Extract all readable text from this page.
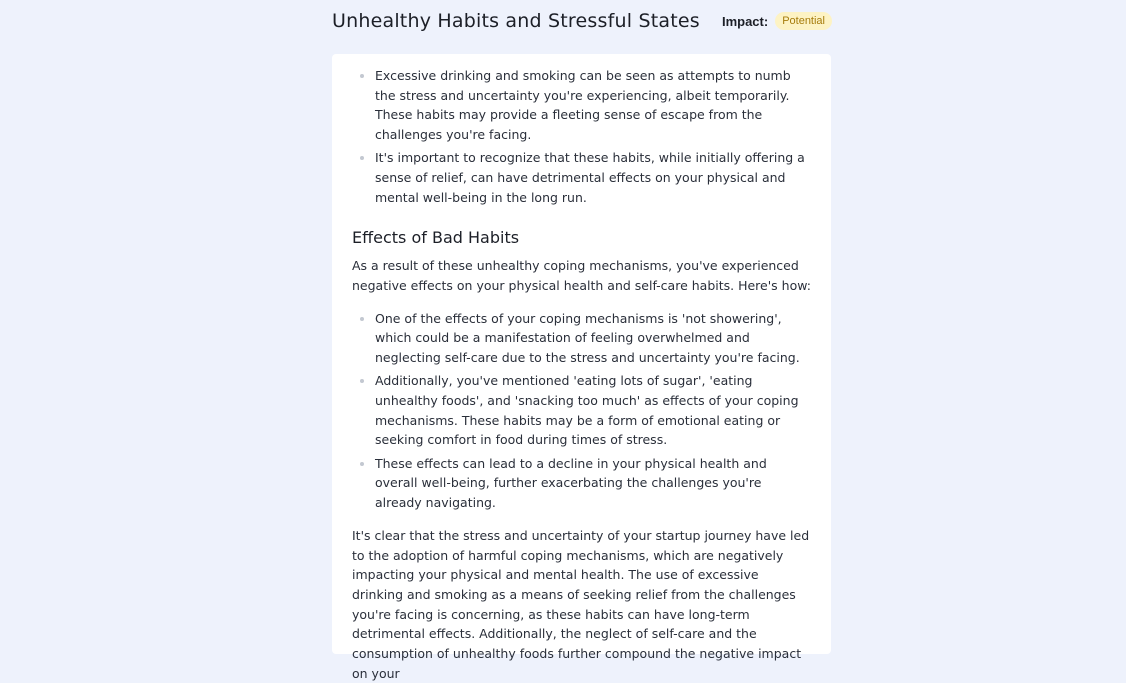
Unhealthy Habits and Stressful States Impact:	Potential
Excessive drinking and smoking can be seen as attempts to numb the stress and uncertainty you're experiencing, albeit temporarily. These habits may provide a fleeting sense of escape from the challenges you're facing.
It's important to recognize that these habits, while initially offering a sense of relief, can have detrimental effects on your physical and mental well-being in the long run.
Effects of Bad Habits

As a result of these unhealthy coping mechanisms, you've experienced negative effects on your physical health and self-care habits. Here's how:

One of the effects of your coping mechanisms is 'not showering', which could be a manifestation of feeling overwhelmed and neglecting self-care due to the stress and uncertainty you're facing.
Additionally, you've mentioned 'eating lots of sugar', 'eating unhealthy foods', and 'snacking too much' as effects of your coping mechanisms. These habits may be a form of emotional eating or seeking comfort in food during times of stress.
These effects can lead to a decline in your physical health and overall well-being, further exacerbating the challenges you're already navigating.

It's clear that the stress and uncertainty of your startup journey have led to the adoption of harmful coping mechanisms, which are negatively impacting your physical and mental health. The use of excessive drinking and smoking as a means of seeking relief from the challenges you're facing is concerning, as these habits can have long-term detrimental effects. Additionally, the neglect of self-care and the consumption of unhealthy foods further compound the negative impact on your
